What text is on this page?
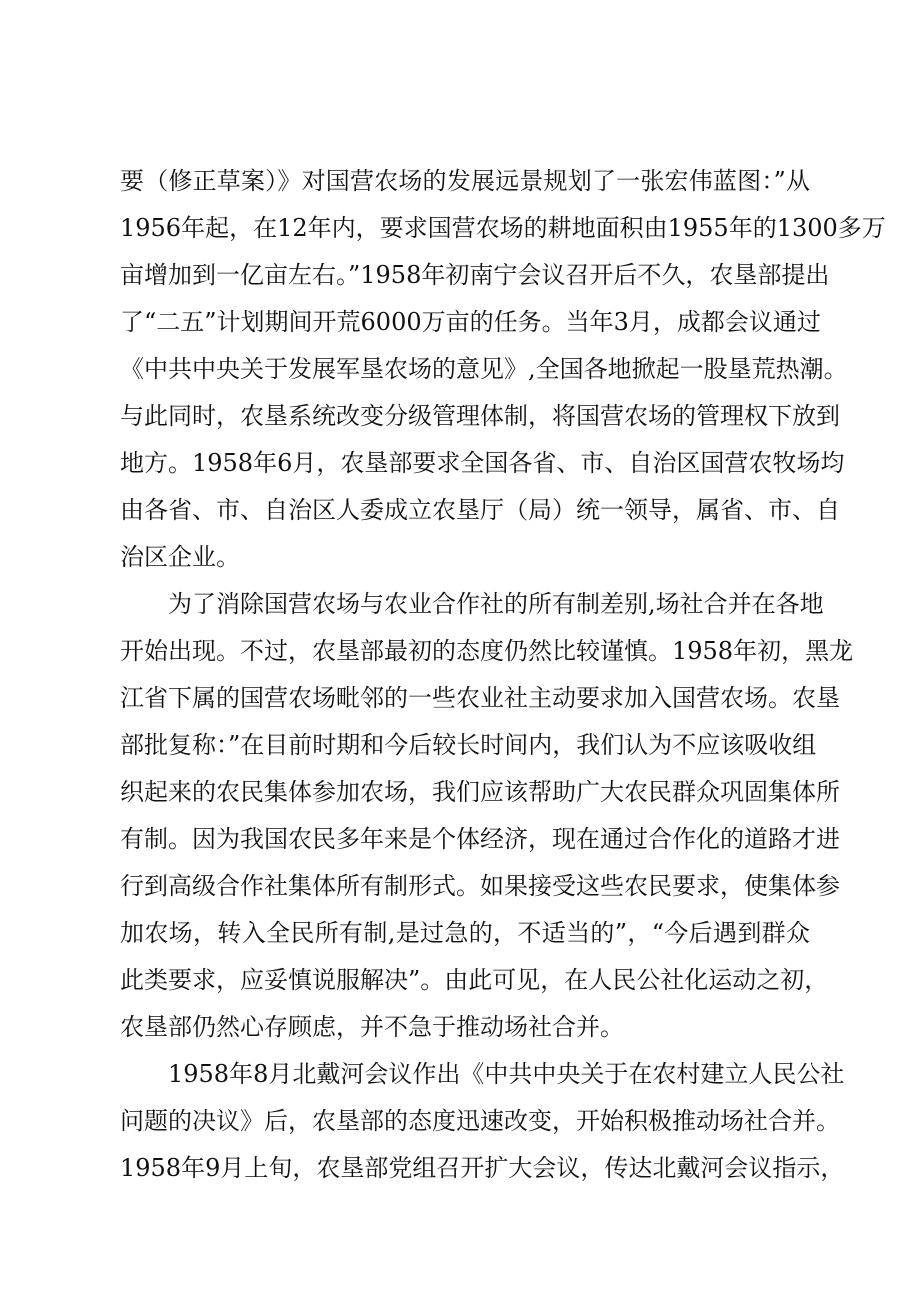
要（修正草案）》对国营农场的发展远景规划了一张宏伟蓝图：”从
1956年起，在12年内，要求国营农场的耕地面积由1955年的1300多万
亩增加到一亿亩左右。”1958年初南宁会议召开后不久，农垦部提出
了“二五”计划期间开荒6000万亩的任务。当年3月，成都会议通过
《中共中央关于发展军垦农场的意见》,全国各地掀起一股垦荒热潮。
与此同时，农垦系统改变分级管理体制，将国营农场的管理权下放到
地方。1958年6月，农垦部要求全国各省、市、自治区国营农牧场均
由各省、市、自治区人委成立农垦厅（局）统一领导，属省、市、自
治区企业。
为了消除国营农场与农业合作社的所有制差别,场社合并在各地
开始出现。不过，农垦部最初的态度仍然比较谨慎。1958年初，黑龙
江省下属的国营农场毗邻的一些农业社主动要求加入国营农场。农垦
部批复称：”在目前时期和今后较长时间内，我们认为不应该吸收组
织起来的农民集体参加农场，我们应该帮助广大农民群众巩固集体所
有制。因为我国农民多年来是个体经济，现在通过合作化的道路才进
行到高级合作社集体所有制形式。如果接受这些农民要求，使集体参
加农场，转入全民所有制,是过急的，不适当的”，“今后遇到群众
此类要求，应妥慎说服解决”。由此可见，在人民公社化运动之初，
农垦部仍然心存顾虑，并不急于推动场社合并。
1958年8月北戴河会议作出《中共中央关于在农村建立人民公社
问题的决议》后，农垦部的态度迅速改变，开始积极推动场社合并。
1958年9月上旬，农垦部党组召开扩大会议，传达北戴河会议指示，
